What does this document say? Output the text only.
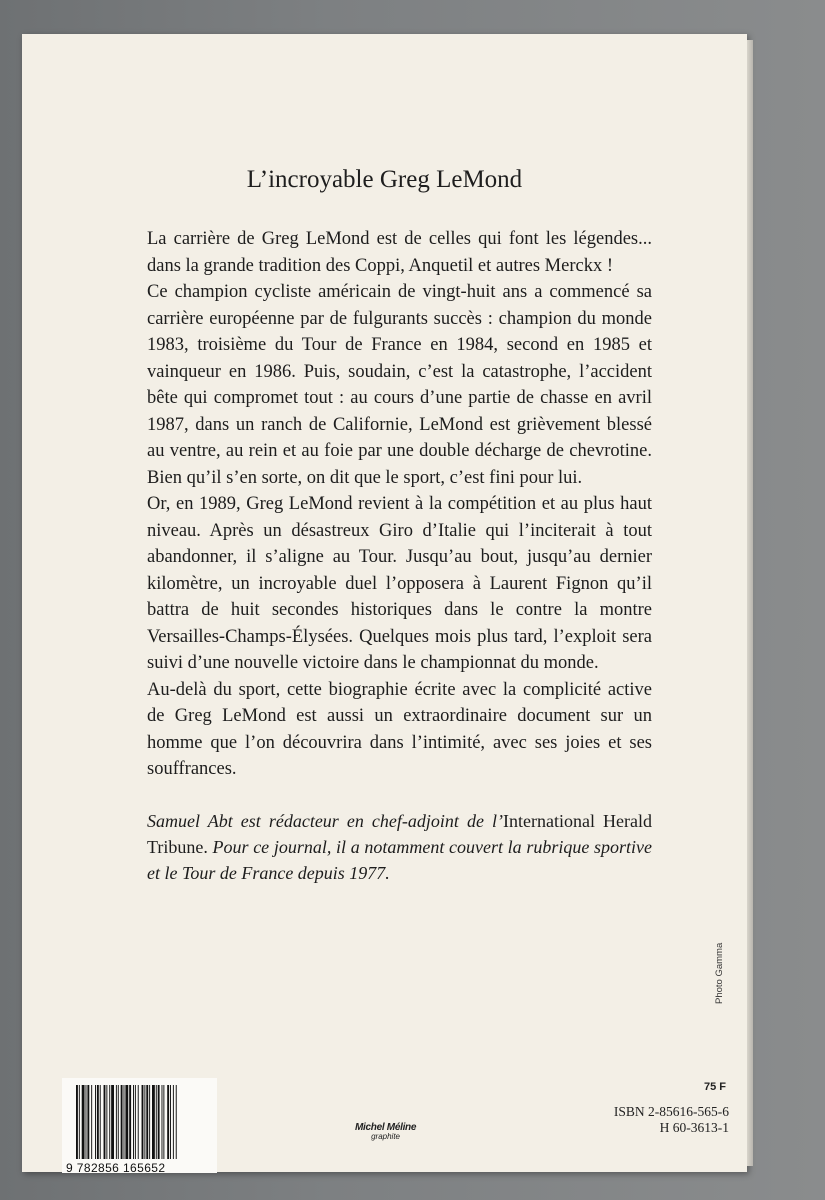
L’incroyable Greg LeMond

La carrière de Greg LeMond est de celles qui font les légendes... dans la grande tradition des Coppi, Anquetil et autres Merckx !

Ce champion cycliste américain de vingt-huit ans a commencé sa carrière européenne par de fulgurants succès : champion du monde 1983, troisième du Tour de France en 1984, second en 1985 et vainqueur en 1986. Puis, soudain, c’est la catastrophe, l’accident bête qui compromet tout : au cours d’une partie de chasse en avril 1987, dans un ranch de Californie, LeMond est grièvement blessé au ventre, au rein et au foie par une double décharge de chevrotine. Bien qu’il s’en sorte, on dit que le sport, c’est fini pour lui.

Or, en 1989, Greg LeMond revient à la compétition et au plus haut niveau. Après un désastreux Giro d’Italie qui l’inciterait à tout abandonner, il s’aligne au Tour. Jusqu’au bout, jusqu’au dernier kilomètre, un incroyable duel l’opposera à Laurent Fignon qu’il battra de huit secondes historiques dans le contre la montre Versailles-Champs-Élysées. Quelques mois plus tard, l’exploit sera suivi d’une nouvelle victoire dans le championnat du monde.

Au-delà du sport, cette biographie écrite avec la complicité active de Greg LeMond est aussi un extraordinaire document sur un homme que l’on découvrira dans l’intimité, avec ses joies et ses souffrances.

Samuel Abt est rédacteur en chef-adjoint de l’International Herald Tribune. Pour ce journal, il a notamment couvert la rubrique sportive et le Tour de France depuis 1977.
Photo Gamma
75 F
ISBN 2-85616-565-6
H 60-3613-1
Michel Méline
graphite
9 782856 165652
